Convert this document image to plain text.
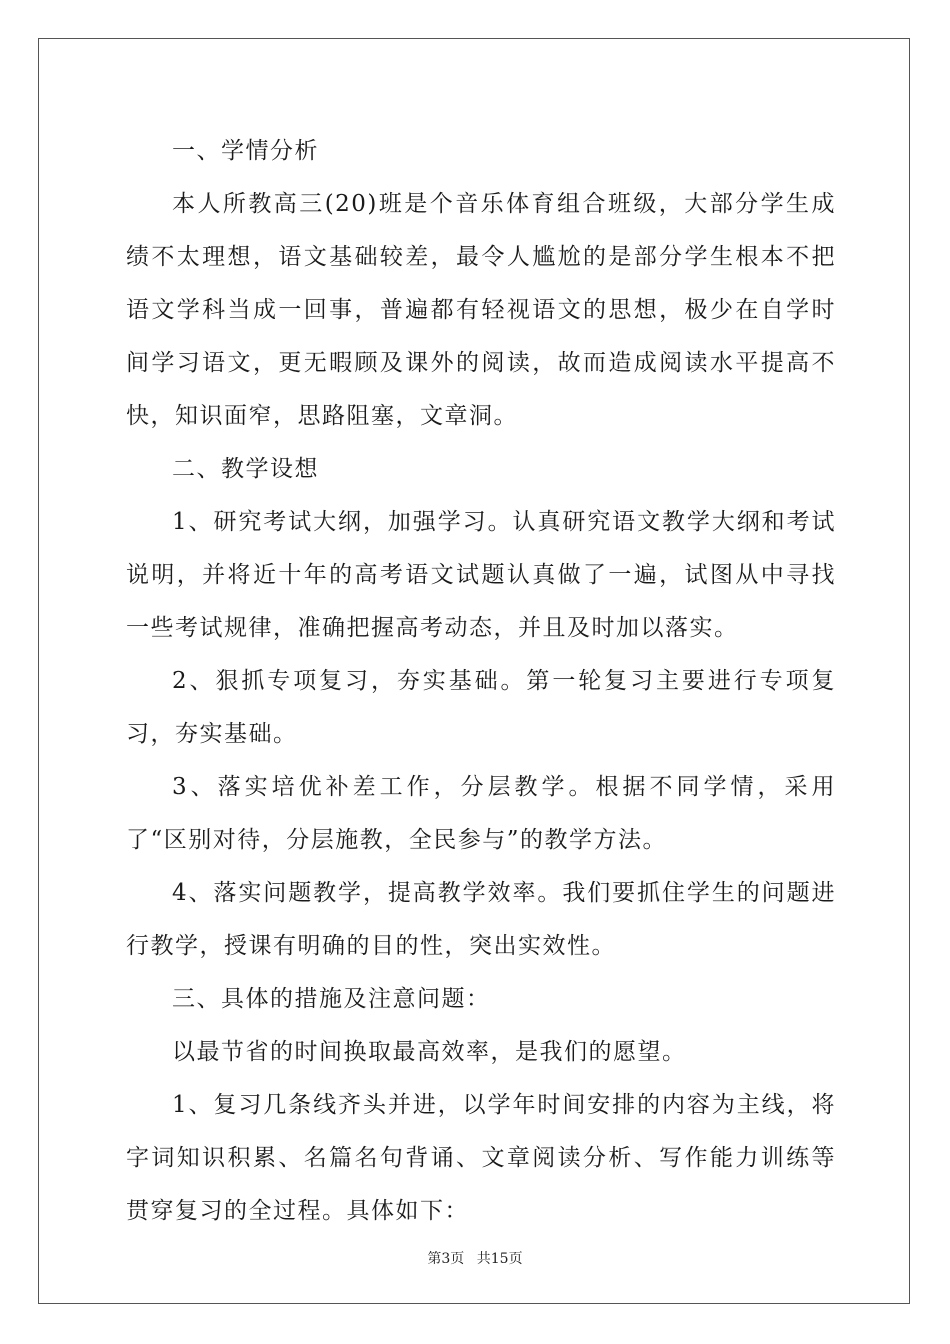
一、学情分析

本人所教高三(20)班是个音乐体育组合班级，大部分学生成绩不太理想，语文基础较差，最令人尴尬的是部分学生根本不把语文学科当成一回事，普遍都有轻视语文的思想，极少在自学时间学习语文，更无暇顾及课外的阅读，故而造成阅读水平提高不快，知识面窄，思路阻塞，文章洞。

二、教学设想

1、研究考试大纲，加强学习。认真研究语文教学大纲和考试说明，并将近十年的高考语文试题认真做了一遍，试图从中寻找一些考试规律，准确把握高考动态，并且及时加以落实。

2、狠抓专项复习，夯实基础。第一轮复习主要进行专项复习，夯实基础。

3、落实培优补差工作，分层教学。根据不同学情，采用了“区别对待，分层施教，全民参与”的教学方法。

4、落实问题教学，提高教学效率。我们要抓住学生的问题进行教学，授课有明确的目的性，突出实效性。

三、具体的措施及注意问题：

以最节省的时间换取最高效率，是我们的愿望。

1、复习几条线齐头并进，以学年时间安排的内容为主线，将字词知识积累、名篇名句背诵、文章阅读分析、写作能力训练等贯穿复习的全过程。具体如下：

第3页 共15页
